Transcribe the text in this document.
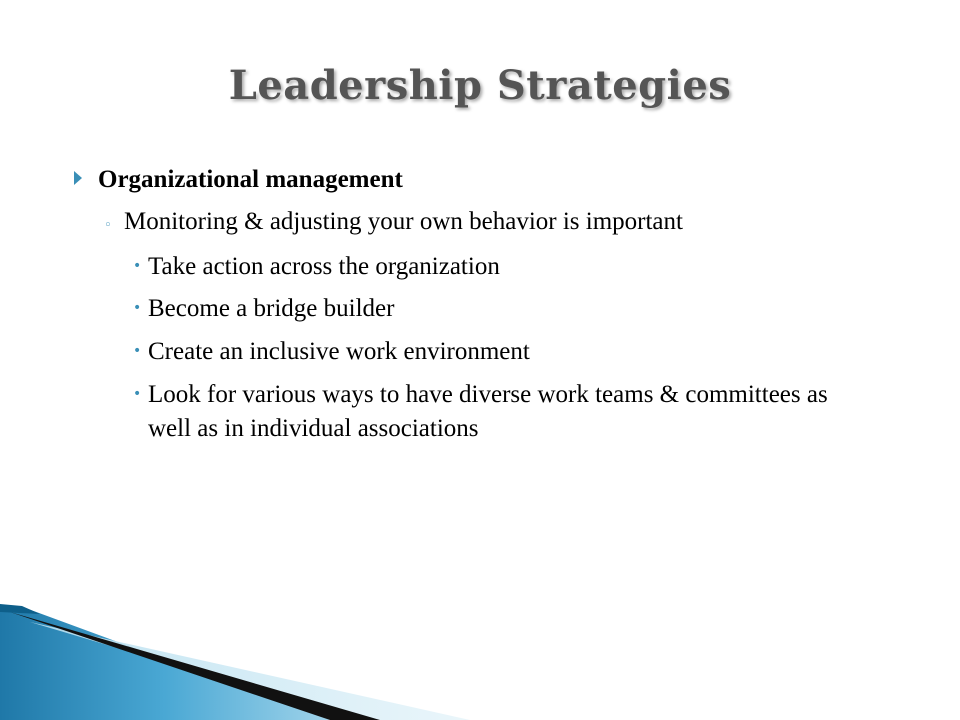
Leadership Strategies
Organizational management
◦ Monitoring & adjusting your own behavior is important
• Take action across the organization
• Become a bridge builder
• Create an inclusive work environment
• Look for various ways to have diverse work teams & committees as well as in individual associations
